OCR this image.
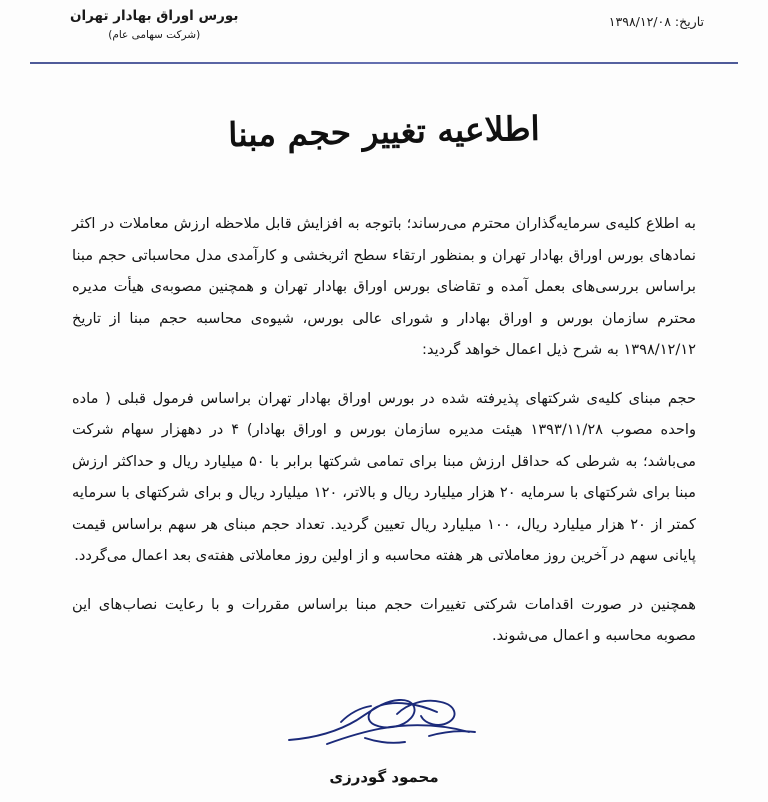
تاریخ: ۱۳۹۸/۱۲/۰۸
بورس اوراق بهادار تهران
(شرکت سهامی عام)
اطلاعیه تغییر حجم مبنا

به اطلاع کلیه‌ی سرمایه‌گذاران محترم می‌رساند؛ باتوجه به افزایش قابل ملاحظه ارزش معاملات در اکثر نمادهای بورس اوراق بهادار تهران و بمنظور ارتقاء سطح اثربخشی و کارآمدی مدل محاسباتی حجم مبنا براساس بررسی‌های بعمل آمده و تقاضای بورس اوراق بهادار تهران و همچنین مصوبه‌ی هیأت مدیره محترم سازمان بورس و اوراق بهادار و شورای عالی بورس، شیوه‌ی محاسبه حجم مبنا از تاریخ ۱۳۹۸/۱۲/۱۲ به شرح ذیل اعمال خواهد گردید:

حجم مبنای کلیه‌ی شرکتهای پذیرفته شده در بورس اوراق بهادار تهران براساس فرمول قبلی ( ماده واحده مصوب ۱۳۹۳/۱۱/۲۸ هیئت مدیره سازمان بورس و اوراق بهادار) ۴ در دههزار سهام شرکت می‌باشد؛ به شرطی که حداقل ارزش مبنا برای تمامی شرکتها برابر با ۵۰ میلیارد ریال و حداکثر ارزش مبنا برای شرکتهای با سرمایه ۲۰ هزار میلیارد ریال و بالاتر، ۱۲۰ میلیارد ریال و برای شرکتهای با سرمایه کمتر از ۲۰ هزار میلیارد ریال، ۱۰۰ میلیارد ریال تعیین گردید. تعداد حجم مبنای هر سهم براساس قیمت پایانی سهم در آخرین روز معاملاتی هر هفته محاسبه و از اولین روز معاملاتی هفته‌ی بعد اعمال می‌گردد.

همچنین در صورت اقدامات شرکتی تغییرات حجم مبنا براساس مقررات و با رعایت نصاب‌های این مصوبه محاسبه و اعمال می‌شوند.

محمود گودرزی
